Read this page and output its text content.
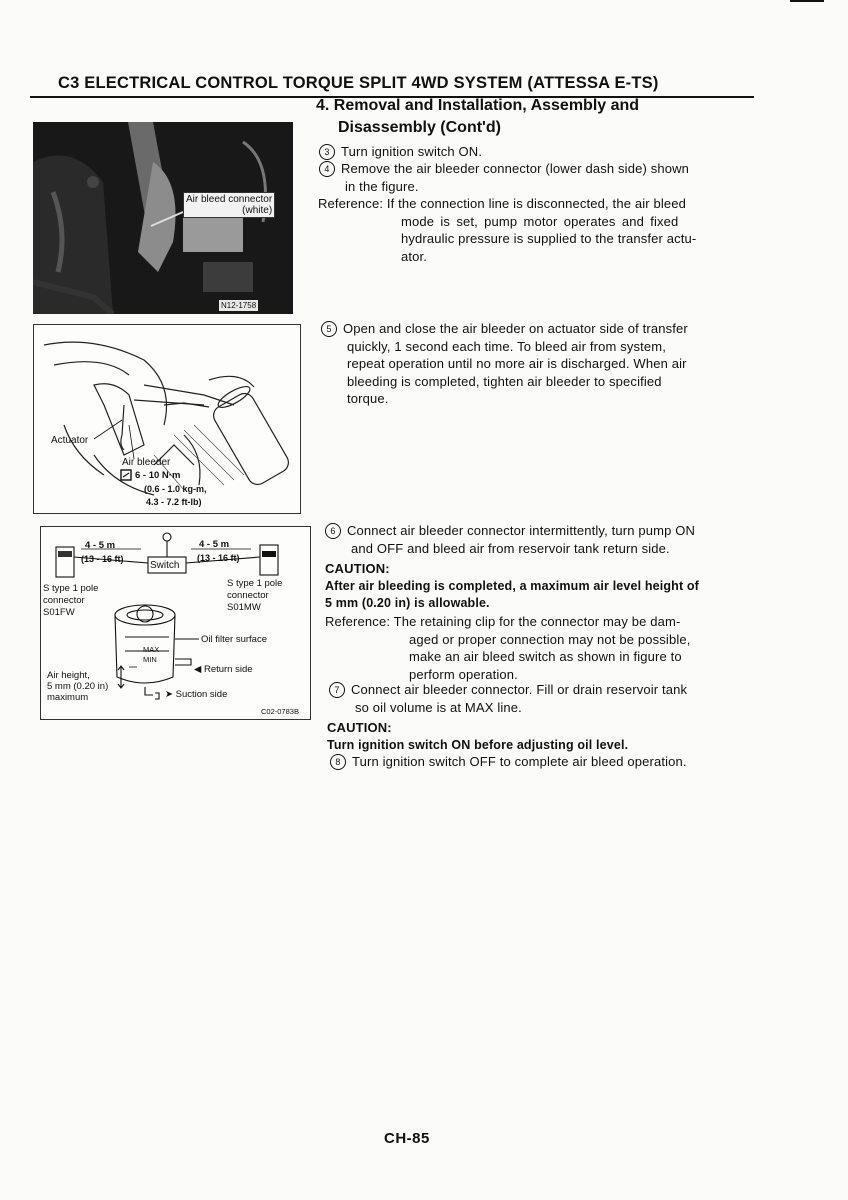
C3 ELECTRICAL CONTROL TORQUE SPLIT 4WD SYSTEM (ATTESSA E-TS)
4. Removal and Installation, Assembly and
Disassembly (Cont'd)
Air bleed connector
(white)
N12-1758
Actuator
Air bleeder
6 - 10 N·m
(0.6 - 1.0 kg-m,
4.3 - 7.2 ft-lb)
4 - 5 m
(13 - 16 ft)
Switch
4 - 5 m
(13 - 16 ft)
S type 1 pole
connector
S01FW
S type 1 pole
connector
S01MW
Oil filter surface
MAX
MIN
◀ Return side
➤ Suction side
Air height,
5 mm (0.20 in)
maximum
C02-0783B
3 Turn ignition switch ON.
4 Remove the air bleeder connector (lower dash side) shown
in the figure.
Reference: If the connection line is disconnected, the air bleed
mode is set, pump motor operates and fixed
hydraulic pressure is supplied to the transfer actu-
ator.
5 Open and close the air bleeder on actuator side of transfer
quickly, 1 second each time. To bleed air from system,
repeat operation until no more air is discharged. When air
bleeding is completed, tighten air bleeder to specified
torque.
6 Connect air bleeder connector intermittently, turn pump ON
and OFF and bleed air from reservoir tank return side.
CAUTION:
After air bleeding is completed, a maximum air level height of
5 mm (0.20 in) is allowable.
Reference: The retaining clip for the connector may be dam-
aged or proper connection may not be possible,
make an air bleed switch as shown in figure to
perform operation.
7 Connect air bleeder connector. Fill or drain reservoir tank
so oil volume is at MAX line.
CAUTION:
Turn ignition switch ON before adjusting oil level.
8 Turn ignition switch OFF to complete air bleed operation.
CH-85
